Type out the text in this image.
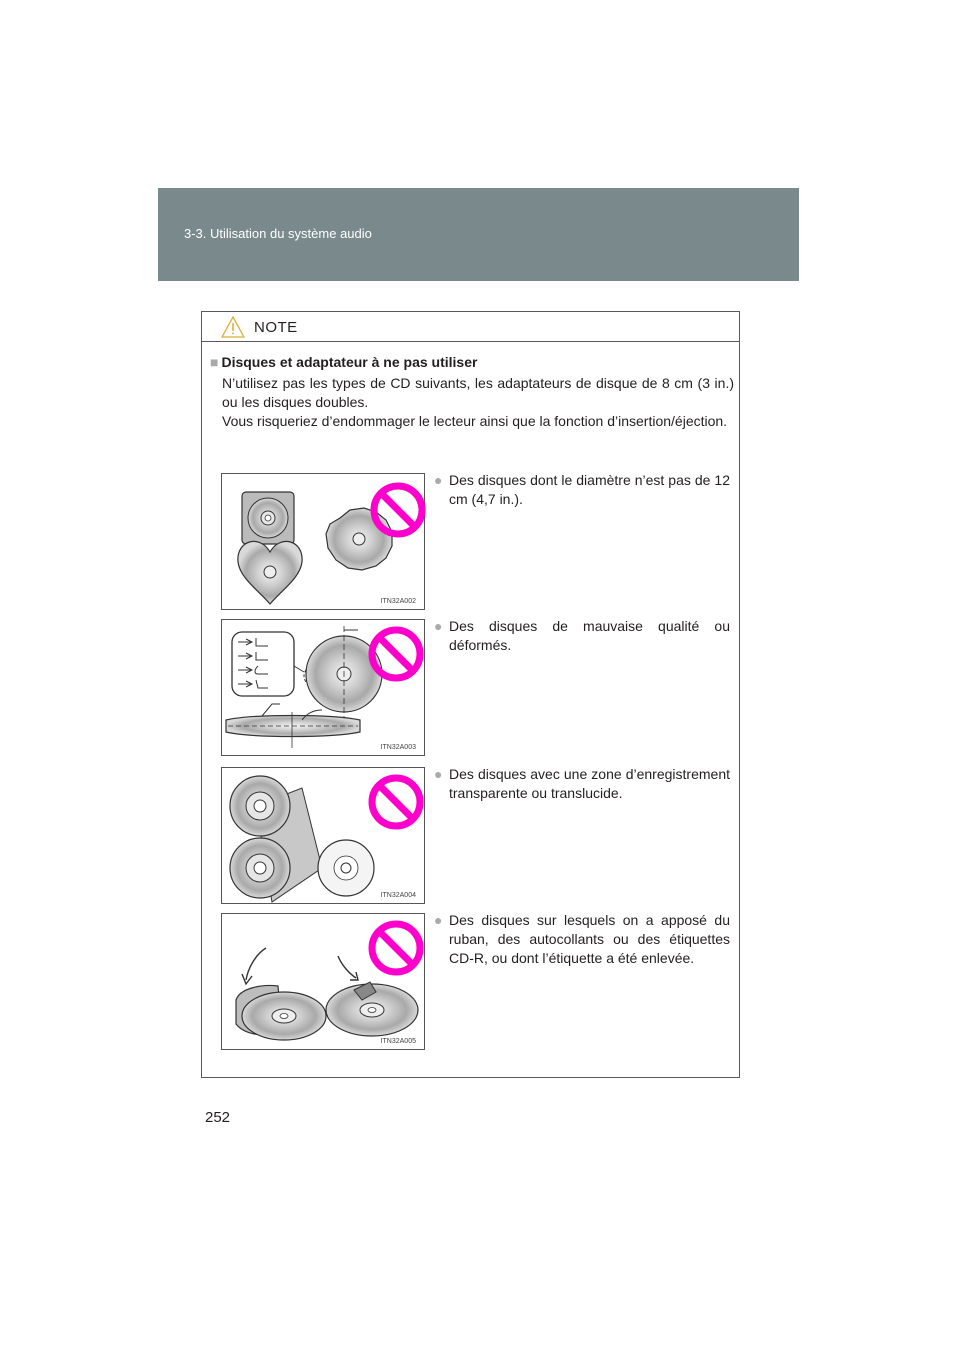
3-3. Utilisation du système audio
NOTE
■ Disques et adaptateur à ne pas utiliser

N’utilisez pas les types de CD suivants, les adaptateurs de disque de 8 cm (3 in.) ou les disques doubles.

Vous risqueriez d’endommager le lecteur ainsi que la fonction d’insertion/éjection.

ITN32A002
● Des disques dont le diamètre n’est pas de 12 cm (4,7 in.).
ITN32A003
● Des disques de mauvaise qualité ou déformés.
ITN32A004
● Des disques avec une zone d’enregistrement transparente ou translucide.
ITN32A005
● Des disques sur lesquels on a apposé du ruban, des autocollants ou des étiquettes CD-R, ou dont l’étiquette a été enlevée.
252
